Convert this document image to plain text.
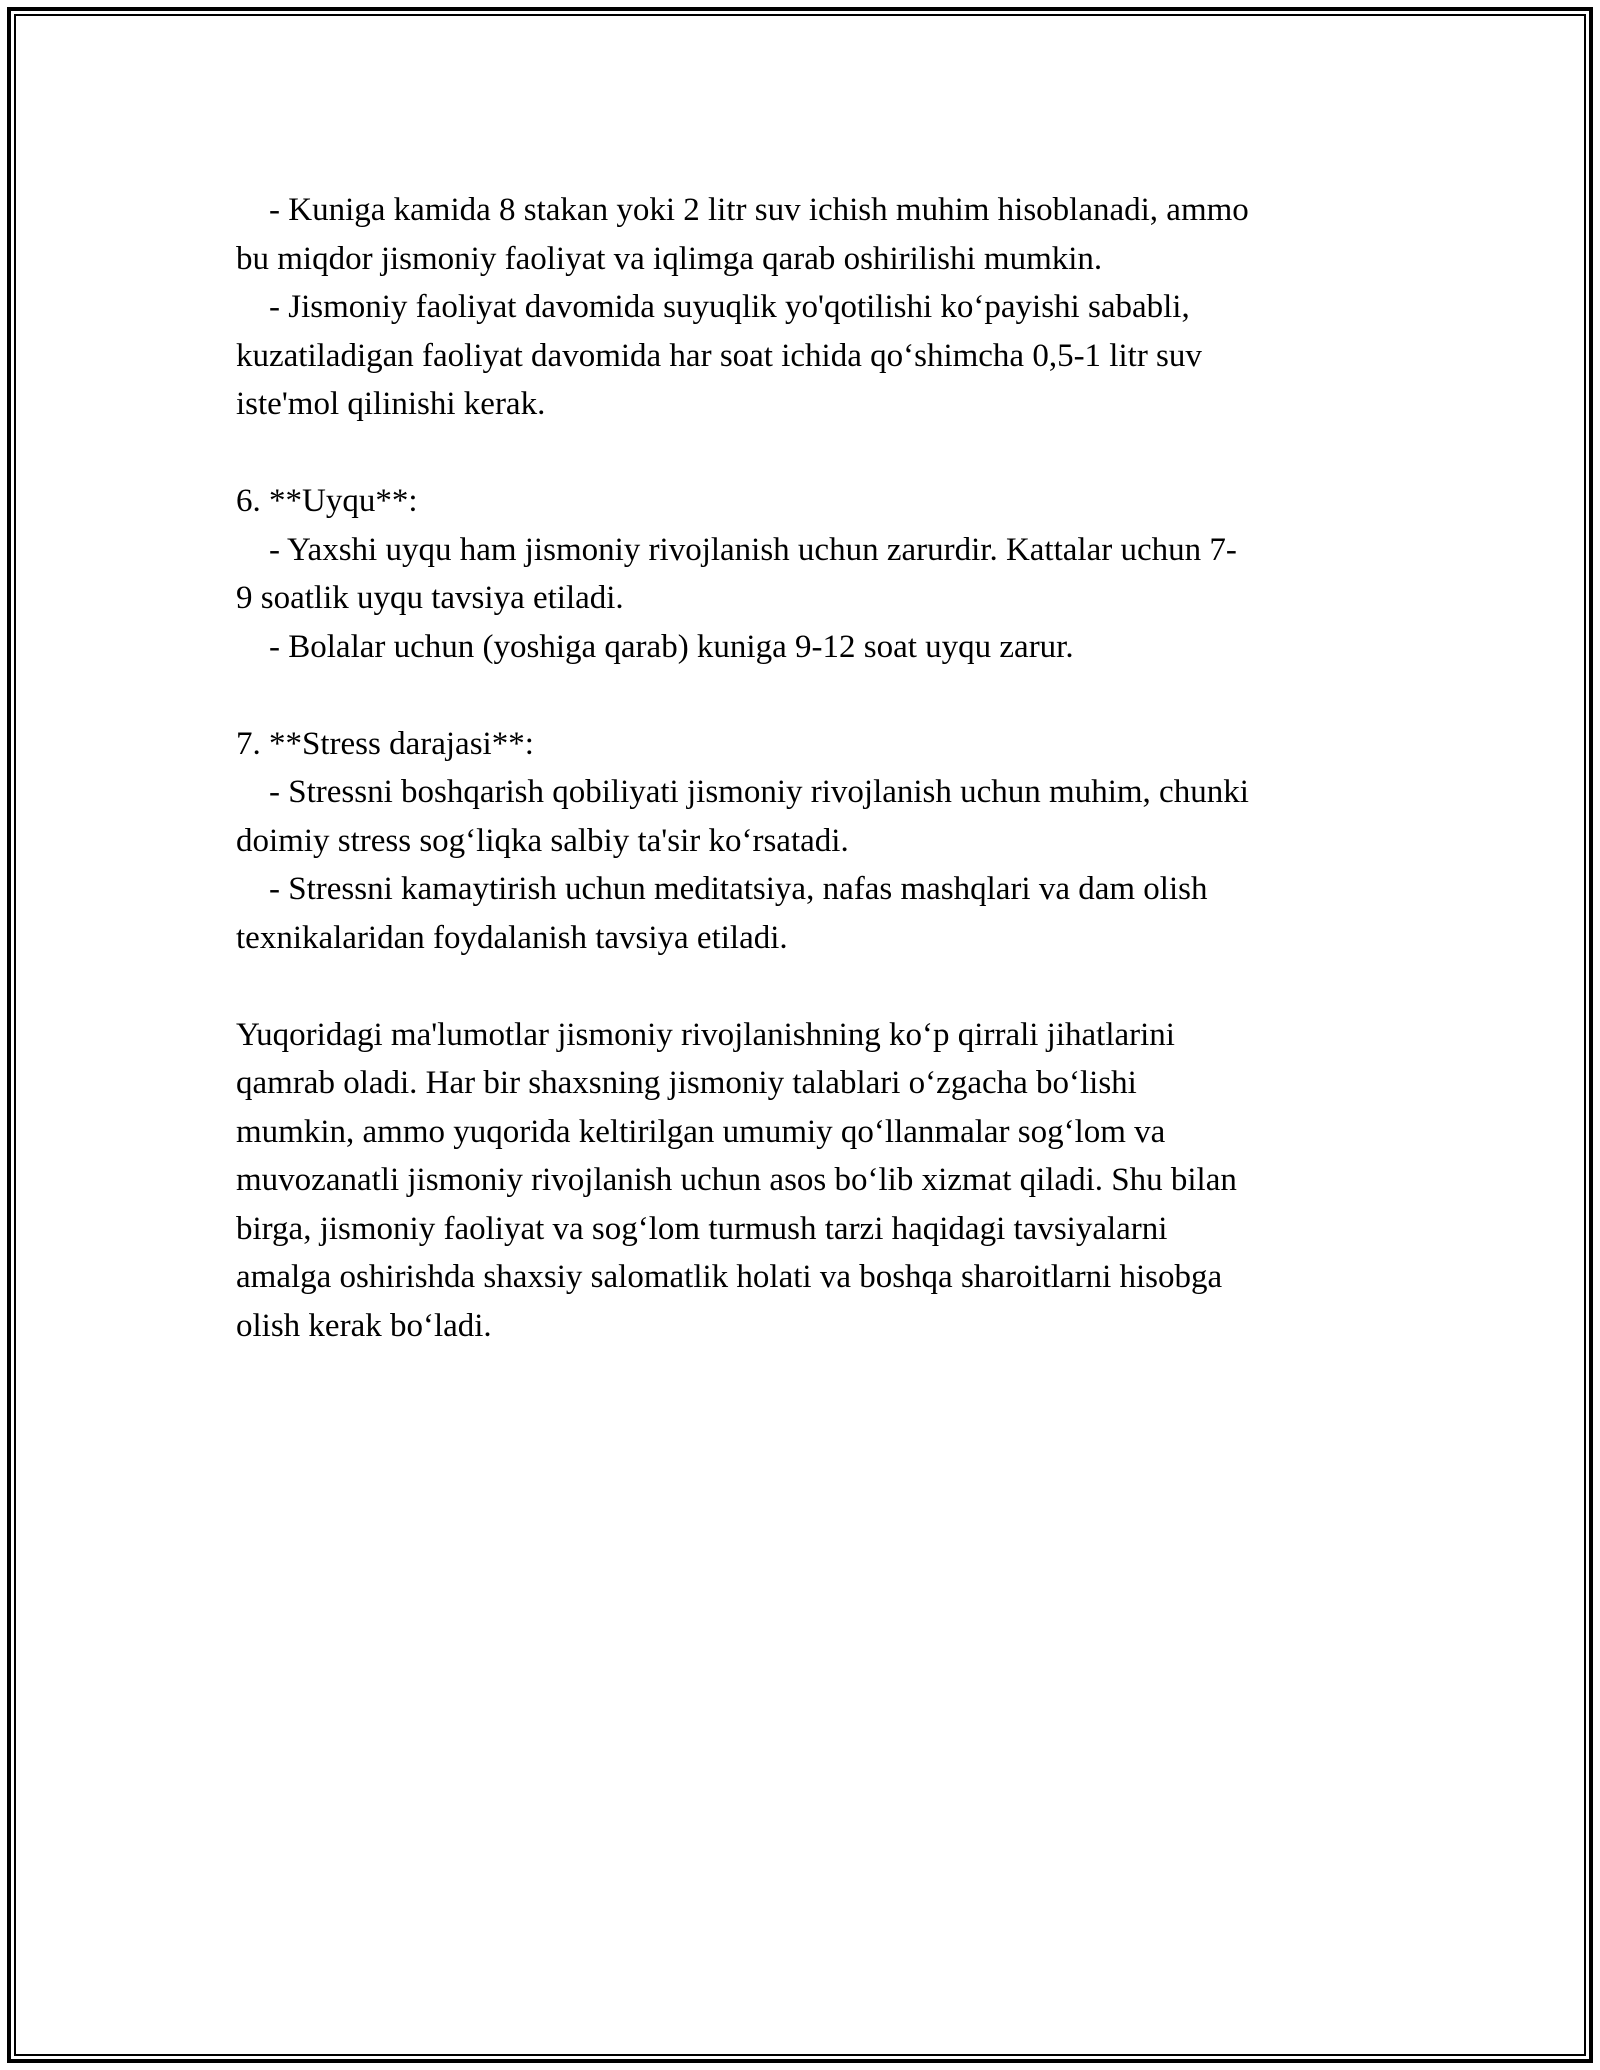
- Kuniga kamida 8 stakan yoki 2 litr suv ichish muhim hisoblanadi, ammo
bu miqdor jismoniy faoliyat va iqlimga qarab oshirilishi mumkin.
- Jismoniy faoliyat davomida suyuqlik yo'qotilishi ko‘payishi sababli,
kuzatiladigan faoliyat davomida har soat ichida qo‘shimcha 0,5-1 litr suv
iste'mol qilinishi kerak.
6. **Uyqu**:
- Yaxshi uyqu ham jismoniy rivojlanish uchun zarurdir. Kattalar uchun 7-
9 soatlik uyqu tavsiya etiladi.
- Bolalar uchun (yoshiga qarab) kuniga 9-12 soat uyqu zarur.
7. **Stress darajasi**:
- Stressni boshqarish qobiliyati jismoniy rivojlanish uchun muhim, chunki
doimiy stress sog‘liqka salbiy ta'sir ko‘rsatadi.
- Stressni kamaytirish uchun meditatsiya, nafas mashqlari va dam olish
texnikalaridan foydalanish tavsiya etiladi.
Yuqoridagi ma'lumotlar jismoniy rivojlanishning ko‘p qirrali jihatlarini
qamrab oladi. Har bir shaxsning jismoniy talablari o‘zgacha bo‘lishi
mumkin, ammo yuqorida keltirilgan umumiy qo‘llanmalar sog‘lom va
muvozanatli jismoniy rivojlanish uchun asos bo‘lib xizmat qiladi. Shu bilan
birga, jismoniy faoliyat va sog‘lom turmush tarzi haqidagi tavsiyalarni
amalga oshirishda shaxsiy salomatlik holati va boshqa sharoitlarni hisobga
olish kerak bo‘ladi.
